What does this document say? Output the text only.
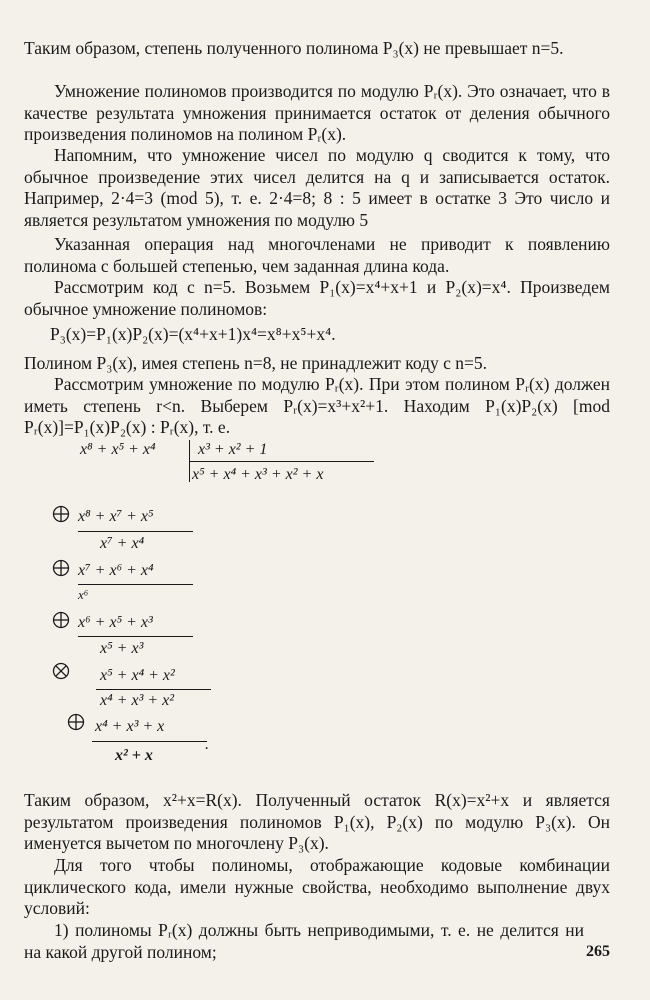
Таким образом, степень полученного полинома P₃(x) не превышает n=5.
Умножение полиномов производится по модулю Pᵣ(x). Это означает, что в качестве результата умножения принимается остаток от деления обычного произведения полиномов на полином Pᵣ(x).
Напомним, что умножение чисел по модулю q сводится к тому, что обычное произведение этих чисел делится на q и записывается остаток. Например, 2·4=3 (mod 5), т. е. 2·4=8; 8 : 5 имеет в остатке 3 Это число и является результатом умножения по модулю 5
Указанная операция над многочленами не приводит к появлению полинома с большей степенью, чем заданная длина кода.
Рассмотрим код с n=5. Возьмем P₁(x)=x⁴+x+1 и P₂(x)=x⁴. Произведем обычное умножение полиномов:
P₃(x)=P₁(x)P₂(x)=(x⁴+x+1)x⁴=x⁸+x⁵+x⁴.
Полином P₃(x), имея степень n=8, не принадлежит коду с n=5.
Рассмотрим умножение по модулю Pᵣ(x). При этом полином Pᵣ(x) должен иметь степень r<n. Выберем Pᵣ(x)=x³+x²+1. Находим P₁(x)P₂(x) [mod Pᵣ(x)]=P₁(x)P₂(x) : Pᵣ(x), т. е.
x⁸ + x⁵ + x⁴	x³ + x² + 1
x⁵ + x⁴ + x³ + x² + x
x⁸ + x⁷ + x⁵
x⁷ + x⁴
x⁷ + x⁶ + x⁴
x⁶
x⁶ + x⁵ + x³
x⁵ + x³
x⁵ + x⁴ + x²
x⁴ + x³ + x²
x⁴ + x³ + x
x² + x
.
Таким образом, x²+x=R(x). Полученный остаток R(x)=x²+x и является результатом произведения полиномов P₁(x), P₂(x) по модулю P₃(x). Он именуется вычетом по многочлену P₃(x).
Для того чтобы полиномы, отображающие кодовые комбинации циклического кода, имели нужные свойства, необходимо выполнение двух условий:
1) полиномы Pᵣ(x) должны быть неприводимыми, т. е. не делится ни на какой другой полином;	265
